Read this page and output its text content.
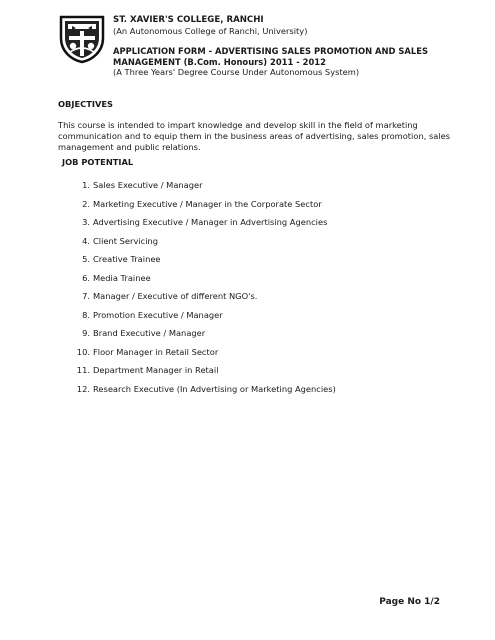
ST. XAVIER'S COLLEGE, RANCHI
(An Autonomous College of Ranchi, University)
APPLICATION FORM - ADVERTISING SALES PROMOTION AND SALES
MANAGEMENT (B.Com. Honours) 2011 - 2012
(A Three Years' Degree Course Under Autonomous System)
OBJECTIVES
This course is intended to impart knowledge and develop skill in the field of marketing communication and to equip them in the business areas of advertising, sales promotion, sales management and public relations.
JOB POTENTIAL
1. Sales Executive / Manager
2. Marketing Executive / Manager in the Corporate Sector
3. Advertising Executive / Manager in Advertising Agencies
4. Client Servicing
5. Creative Trainee
6. Media Trainee
7. Manager / Executive of different NGO's.
8. Promotion Executive / Manager
9. Brand Executive / Manager
10. Floor Manager in Retail Sector
11. Department Manager in Retail
12. Research Executive (In Advertising or Marketing Agencies)
Page No 1/2
